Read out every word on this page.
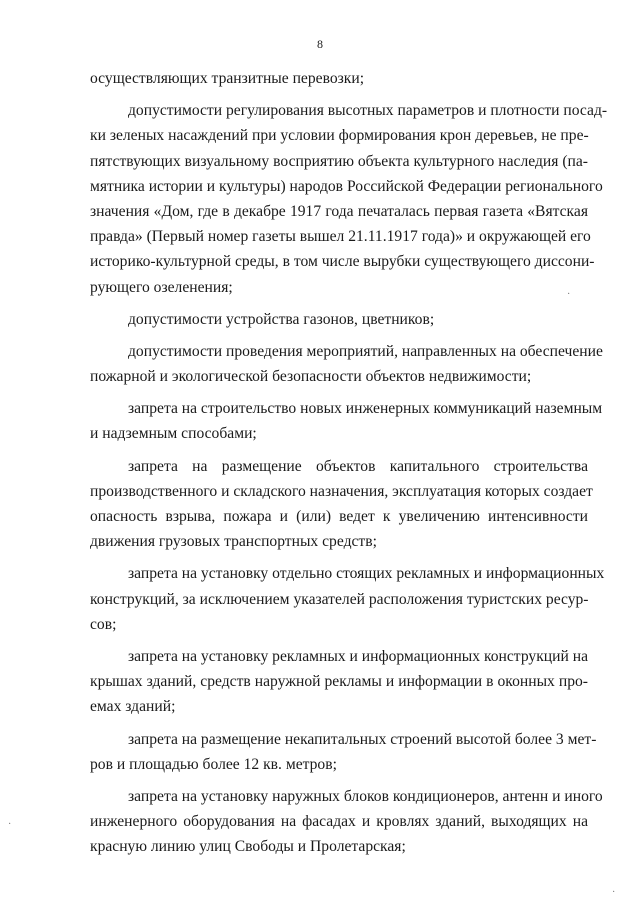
8
осуществляющих транзитные перевозки;
допустимости регулирования высотных параметров и плотности посад-
ки зеленых насаждений при условии формирования крон деревьев, не пре-
пятствующих визуальному восприятию объекта культурного наследия (па-
мятника истории и культуры) народов Российской Федерации регионального
значения «Дом, где в декабре 1917 года печаталась первая газета «Вятская
правда» (Первый номер газеты вышел 21.11.1917 года)» и окружающей его
историко-культурной среды, в том числе вырубки существующего диссони-
рующего озеленения;
допустимости устройства газонов, цветников;
допустимости проведения мероприятий, направленных на обеспечение
пожарной и экологической безопасности объектов недвижимости;
запрета на строительство новых инженерных коммуникаций наземным
и надземным способами;
запрета на размещение объектов капитального строительства
производственного и складского назначения, эксплуатация которых создает
опасность взрыва, пожара и (или) ведет к увеличению интенсивности
движения грузовых транспортных средств;
запрета на установку отдельно стоящих рекламных и информационных
конструкций, за исключением указателей расположения туристских ресур-
сов;
запрета на установку рекламных и информационных конструкций на
крышах зданий, средств наружной рекламы и информации в оконных про-
емах зданий;
запрета на размещение некапитальных строений высотой более 3 мет-
ров и площадью более 12 кв. метров;
запрета на установку наружных блоков кондиционеров, антенн и иного
инженерного оборудования на фасадах и кровлях зданий, выходящих на
красную линию улиц Свободы и Пролетарская;
·
·
·
